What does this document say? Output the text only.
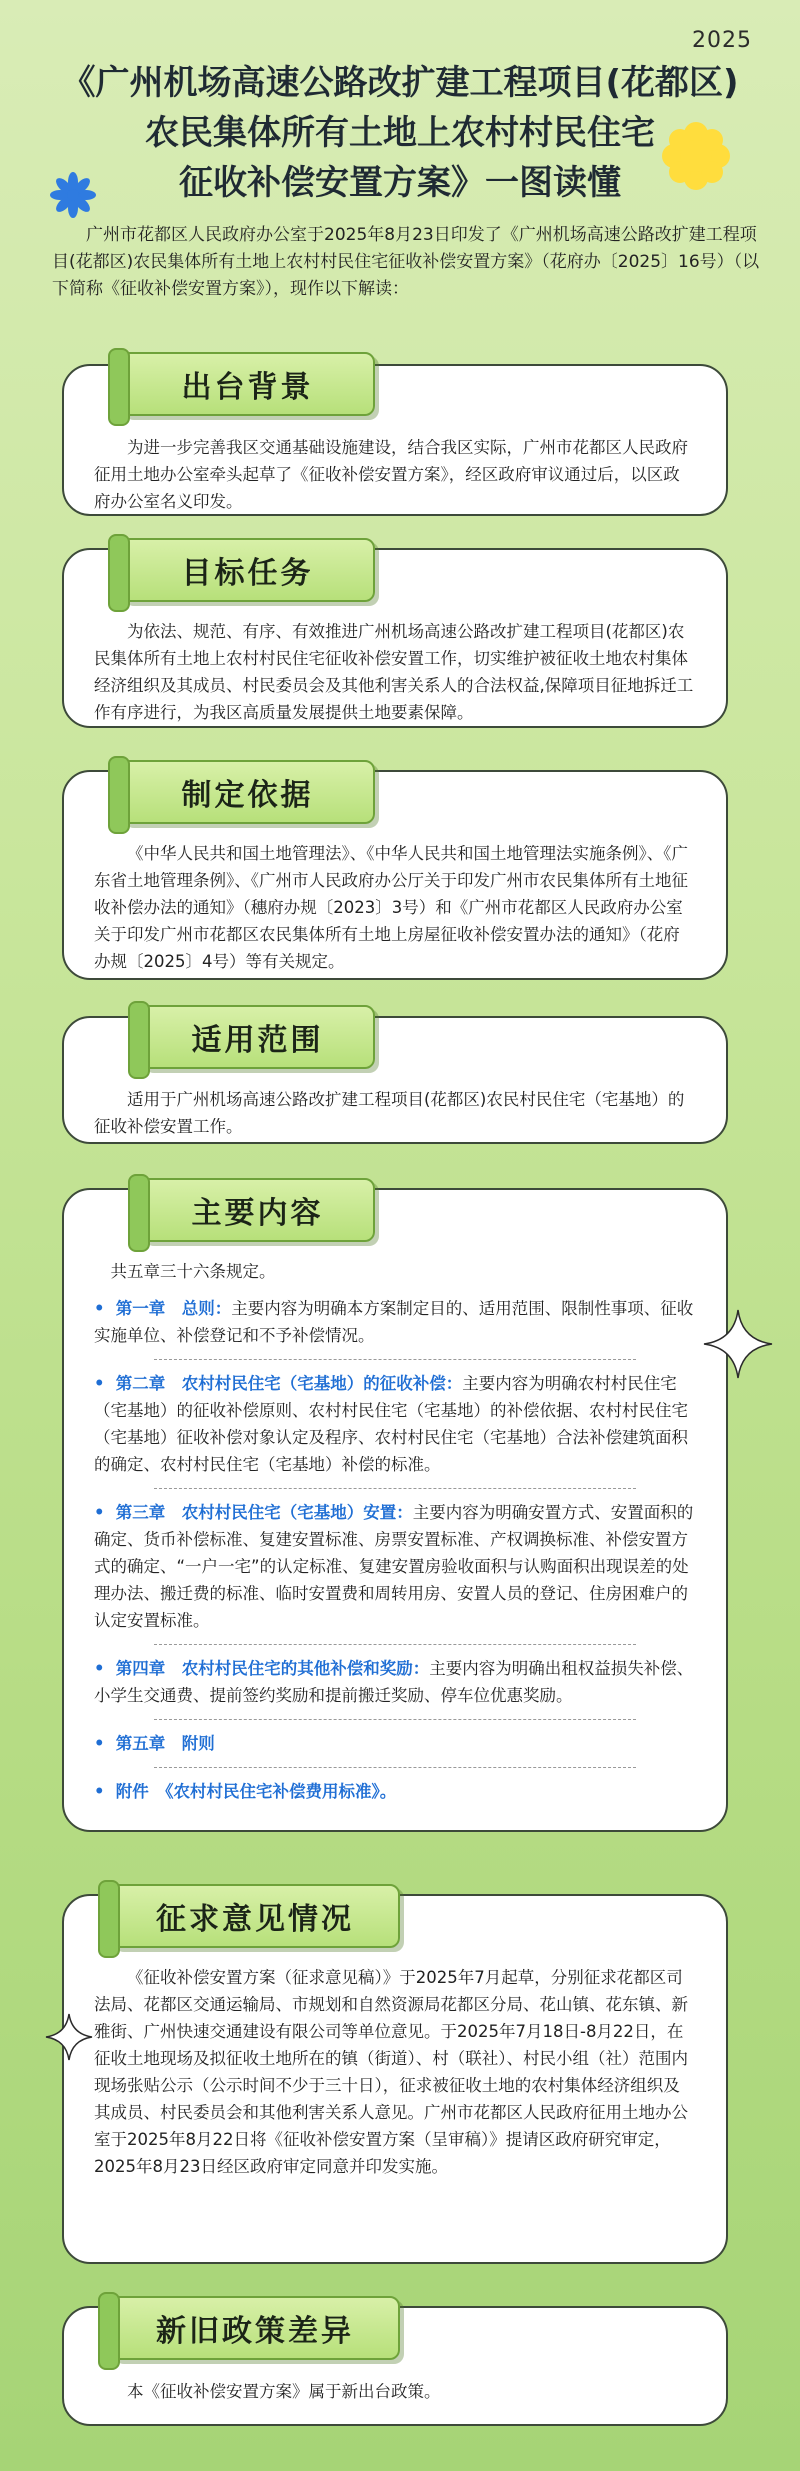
2025
《广州机场高速公路改扩建工程项目(花都区)
农民集体所有土地上农村村民住宅
征收补偿安置方案》一图读懂
广州市花都区人民政府办公室于2025年8月23日印发了《广州机场高速公路改扩建工程项目(花都区)农民集体所有土地上农村村民住宅征收补偿安置方案》（花府办〔2025〕16号）（以下简称《征收补偿安置方案》），现作以下解读：
为进一步完善我区交通基础设施建设，结合我区实际，广州市花都区人民政府征用土地办公室牵头起草了《征收补偿安置方案》，经区政府审议通过后，以区政府办公室名义印发。
出台背景
为依法、规范、有序、有效推进广州机场高速公路改扩建工程项目(花都区)农民集体所有土地上农村村民住宅征收补偿安置工作，切实维护被征收土地农村集体经济组织及其成员、村民委员会及其他利害关系人的合法权益,保障项目征地拆迁工作有序进行，为我区高质量发展提供土地要素保障。
目标任务
《中华人民共和国土地管理法》、《中华人民共和国土地管理法实施条例》、《广东省土地管理条例》、《广州市人民政府办公厅关于印发广州市农民集体所有土地征收补偿办法的通知》（穗府办规〔2023〕3号）和《广州市花都区人民政府办公室关于印发广州市花都区农民集体所有土地上房屋征收补偿安置办法的通知》（花府办规〔2025〕4号）等有关规定。
制定依据
适用于广州机场高速公路改扩建工程项目(花都区)农民村民住宅（宅基地）的征收补偿安置工作。
适用范围
共五章三十六条规定。
• 第一章　总则：主要内容为明确本方案制定目的、适用范围、限制性事项、征收实施单位、补偿登记和不予补偿情况。
• 第二章　农村村民住宅（宅基地）的征收补偿：主要内容为明确农村村民住宅（宅基地）的征收补偿原则、农村村民住宅（宅基地）的补偿依据、农村村民住宅（宅基地）征收补偿对象认定及程序、农村村民住宅（宅基地）合法补偿建筑面积的确定、农村村民住宅（宅基地）补偿的标准。
• 第三章　农村村民住宅（宅基地）安置：主要内容为明确安置方式、安置面积的确定、货币补偿标准、复建安置标准、房票安置标准、产权调换标准、补偿安置方式的确定、“一户一宅”的认定标准、复建安置房验收面积与认购面积出现误差的处理办法、搬迁费的标准、临时安置费和周转用房、安置人员的登记、住房困难户的认定安置标准。
• 第四章　农村村民住宅的其他补偿和奖励：主要内容为明确出租权益损失补偿、小学生交通费、提前签约奖励和提前搬迁奖励、停车位优惠奖励。
• 第五章　附则
• 附件　《农村村民住宅补偿费用标准》。
主要内容
《征收补偿安置方案（征求意见稿）》于2025年7月起草，分别征求花都区司法局、花都区交通运输局、市规划和自然资源局花都区分局、花山镇、花东镇、新雅街、广州快速交通建设有限公司等单位意见。于2025年7月18日-8月22日，在征收土地现场及拟征收土地所在的镇（街道）、村（联社）、村民小组（社）范围内现场张贴公示（公示时间不少于三十日），征求被征收土地的农村集体经济组织及其成员、村民委员会和其他利害关系人意见。广州市花都区人民政府征用土地办公室于2025年8月22日将《征收补偿安置方案（呈审稿）》提请区政府研究审定，2025年8月23日经区政府审定同意并印发实施。
征求意见情况
本《征收补偿安置方案》属于新出台政策。
新旧政策差异
